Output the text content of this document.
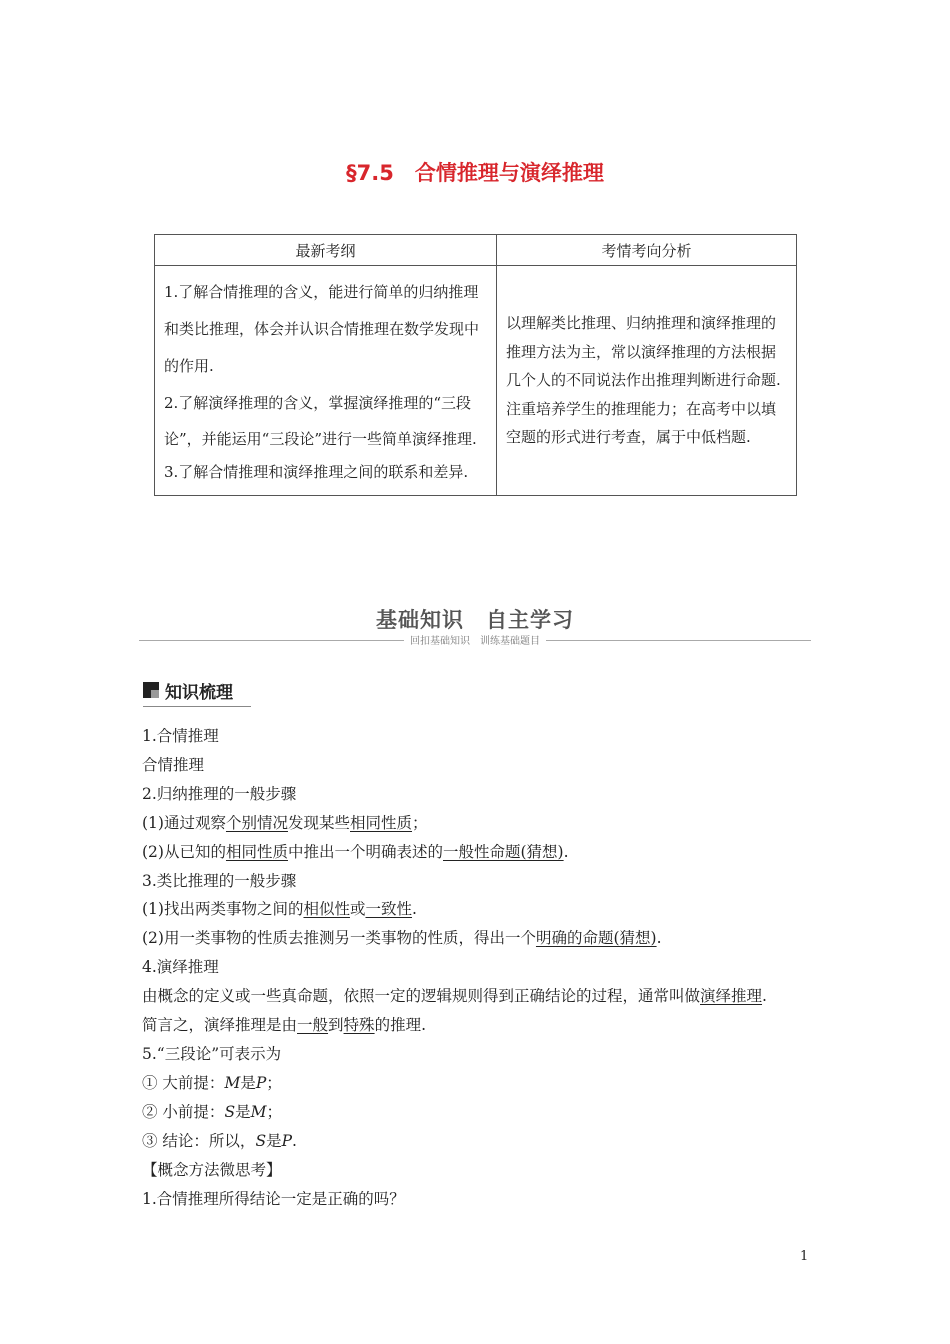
§7.5　合情推理与演绎推理
最新考纲	考情考向分析

1.了解合情推理的含义，能进行简单的归纳推理和类比推理，体会并认识合情推理在数学发现中的作用.

2.了解演绎推理的含义，掌握演绎推理的“三段论”，并能运用“三段论”进行一些简单演绎推理.

3.了解合情推理和演绎推理之间的联系和差异.	以理解类比推理、归纳推理和演绎推理的推理方法为主，常以演绎推理的方法根据几个人的不同说法作出推理判断进行命题.注重培养学生的推理能力；在高考中以填空题的形式进行考查，属于中低档题.
基础知识　自主学习
回扣基础知识　训练基础题目
知识梳理
1.合情推理
合情推理
2.归纳推理的一般步骤
(1)通过观察个别情况发现某些相同性质；
(2)从已知的相同性质中推出一个明确表述的一般性命题(猜想).
3.类比推理的一般步骤
(1)找出两类事物之间的相似性或一致性.
(2)用一类事物的性质去推测另一类事物的性质，得出一个明确的命题(猜想).
4.演绎推理
由概念的定义或一些真命题，依照一定的逻辑规则得到正确结论的过程，通常叫做演绎推理.
简言之，演绎推理是由一般到特殊的推理.
5.“三段论”可表示为
① 大前提：M是P；
② 小前提：S是M；
③ 结论：所以，S是P.
【概念方法微思考】
1.合情推理所得结论一定是正确的吗？
1
